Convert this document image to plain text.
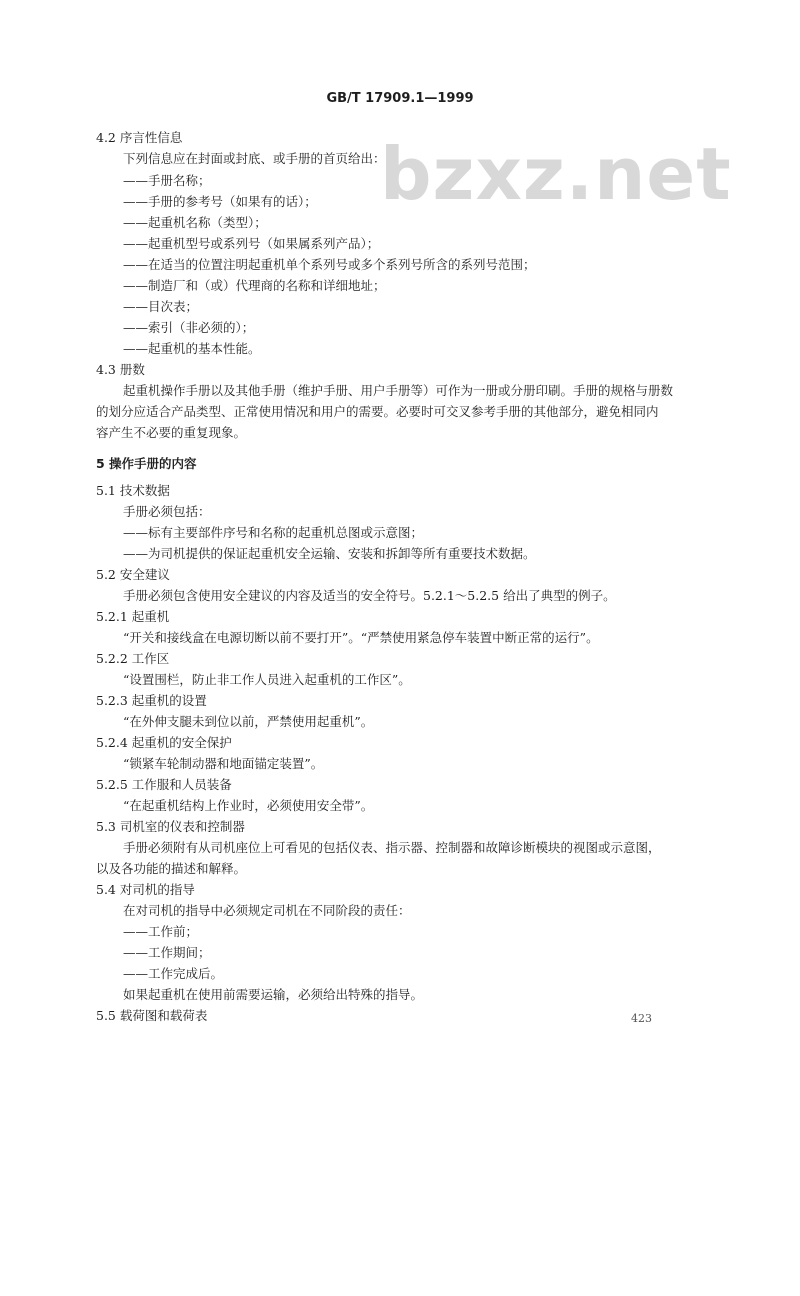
bzxz.net
GB/T 17909.1—1999
4.2 序言性信息
下列信息应在封面或封底、或手册的首页给出：
——手册名称；
——手册的参考号（如果有的话）；
——起重机名称（类型）；
——起重机型号或系列号（如果属系列产品）；
——在适当的位置注明起重机单个系列号或多个系列号所含的系列号范围；
——制造厂和（或）代理商的名称和详细地址；
——目次表；
——索引（非必须的）；
——起重机的基本性能。
4.3 册数
起重机操作手册以及其他手册（维护手册、用户手册等）可作为一册或分册印刷。手册的规格与册数
的划分应适合产品类型、正常使用情况和用户的需要。必要时可交叉参考手册的其他部分，避免相同内
容产生不必要的重复现象。
5 操作手册的内容
5.1 技术数据
手册必须包括：
——标有主要部件序号和名称的起重机总图或示意图；
——为司机提供的保证起重机安全运输、安装和拆卸等所有重要技术数据。
5.2 安全建议
手册必须包含使用安全建议的内容及适当的安全符号。5.2.1～5.2.5 给出了典型的例子。
5.2.1 起重机
“开关和接线盒在电源切断以前不要打开”。“严禁使用紧急停车装置中断正常的运行”。
5.2.2 工作区
“设置围栏，防止非工作人员进入起重机的工作区”。
5.2.3 起重机的设置
“在外伸支腿未到位以前，严禁使用起重机”。
5.2.4 起重机的安全保护
“锁紧车轮制动器和地面锚定装置”。
5.2.5 工作服和人员装备
“在起重机结构上作业时，必须使用安全带”。
5.3 司机室的仪表和控制器
手册必须附有从司机座位上可看见的包括仪表、指示器、控制器和故障诊断模块的视图或示意图，
以及各功能的描述和解释。
5.4 对司机的指导
在对司机的指导中必须规定司机在不同阶段的责任：
——工作前；
——工作期间；
——工作完成后。
如果起重机在使用前需要运输，必须给出特殊的指导。
5.5 载荷图和载荷表	423
